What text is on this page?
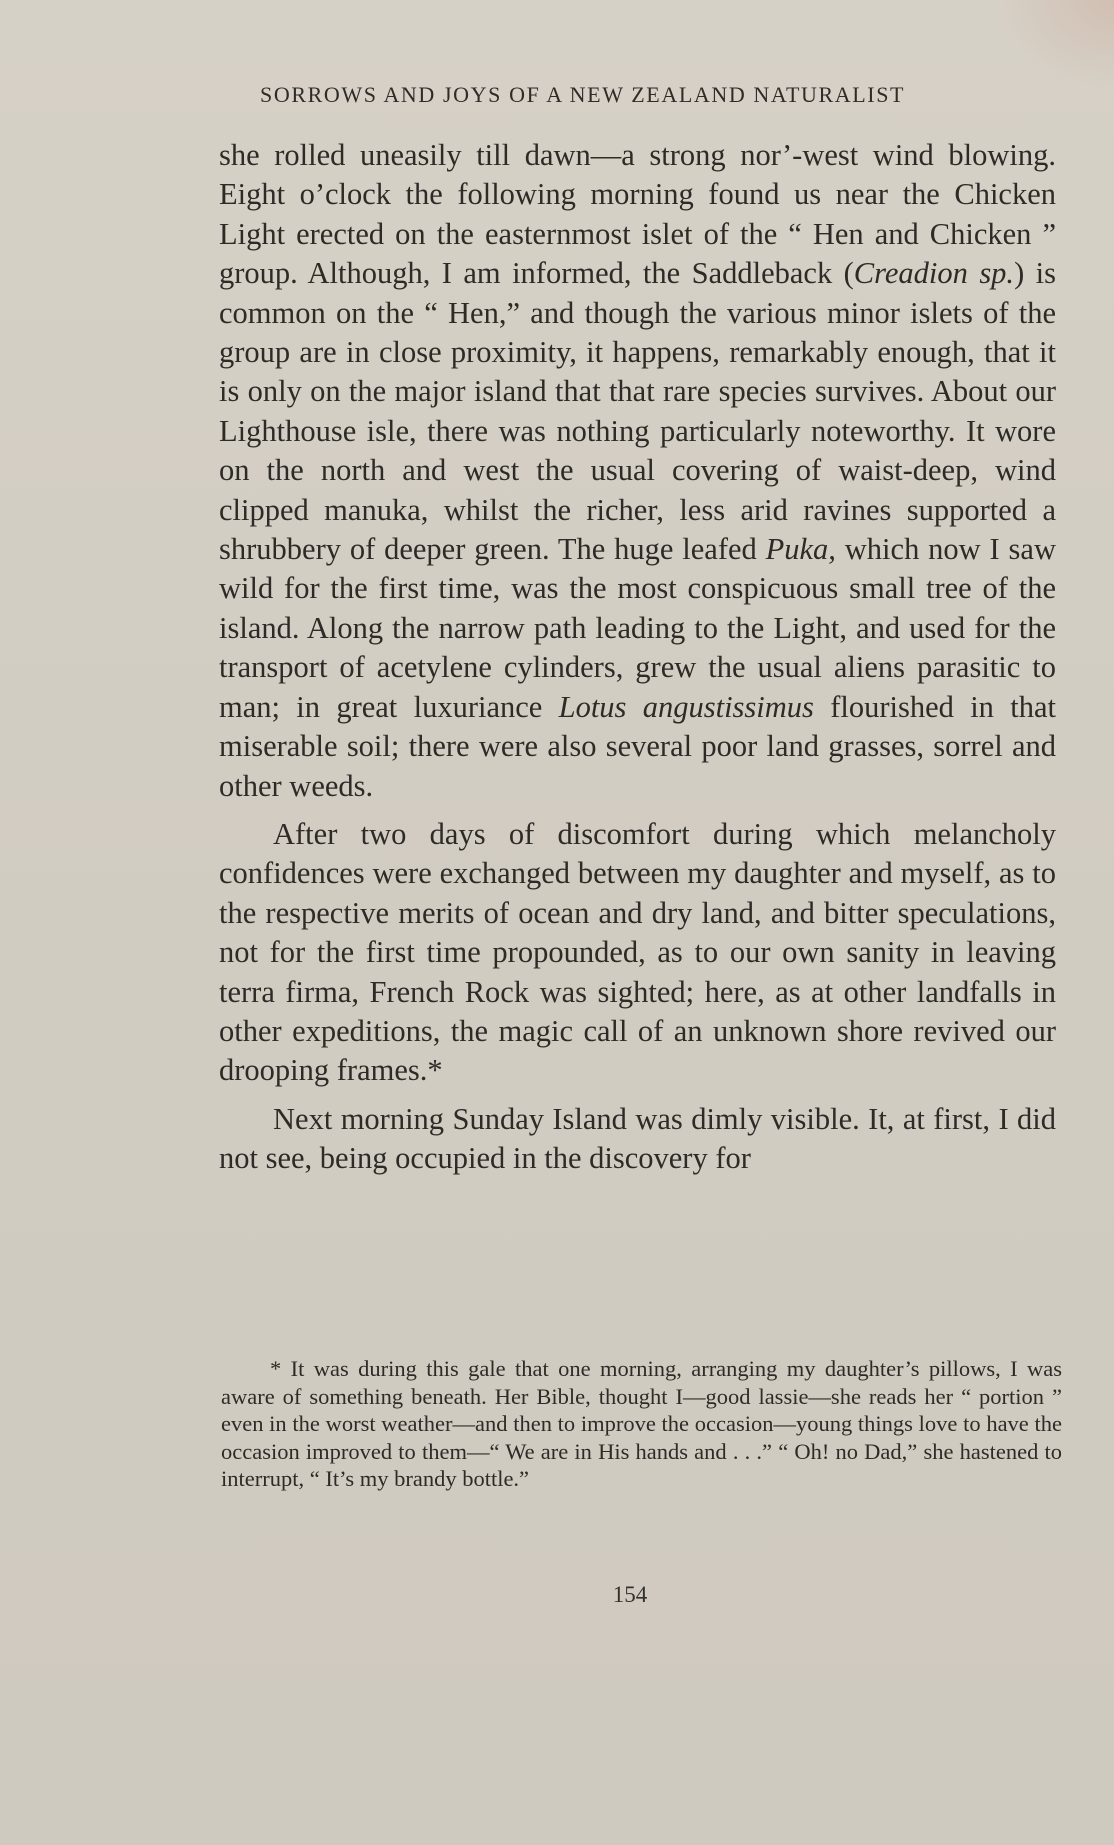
SORROWS AND JOYS OF A NEW ZEALAND NATURALIST

she rolled uneasily till dawn—a strong nor’-west wind blowing. Eight o’clock the following morning found us near the Chicken Light erected on the easternmost islet of the “ Hen and Chicken ” group. Although, I am informed, the Saddleback (Creadion sp.) is common on the “ Hen,” and though the various minor islets of the group are in close proximity, it happens, remarkably enough, that it is only on the major island that that rare species survives. About our Lighthouse isle, there was nothing particularly noteworthy. It wore on the north and west the usual covering of waist-deep, wind clipped manuka, whilst the richer, less arid ravines supported a shrubbery of deeper green. The huge leafed Puka, which now I saw wild for the first time, was the most conspicuous small tree of the island. Along the narrow path leading to the Light, and used for the transport of acetylene cylinders, grew the usual aliens parasitic to man; in great luxuriance Lotus angustissimus flourished in that miserable soil; there were also several poor land grasses, sorrel and other weeds.

After two days of discomfort during which melancholy confidences were exchanged between my daughter and myself, as to the respective merits of ocean and dry land, and bitter speculations, not for the first time propounded, as to our own sanity in leaving terra firma, French Rock was sighted; here, as at other landfalls in other expeditions, the magic call of an unknown shore revived our drooping frames.*

Next morning Sunday Island was dimly visible. It, at first, I did not see, being occupied in the discovery for

* It was during this gale that one morning, arranging my daughter’s pillows, I was aware of something beneath. Her Bible, thought I—good lassie—she reads her “ portion ” even in the worst weather—and then to improve the occasion—young things love to have the occasion improved to them—“ We are in His hands and . . .” “ Oh! no Dad,” she hastened to interrupt, “ It’s my brandy bottle.”

154
